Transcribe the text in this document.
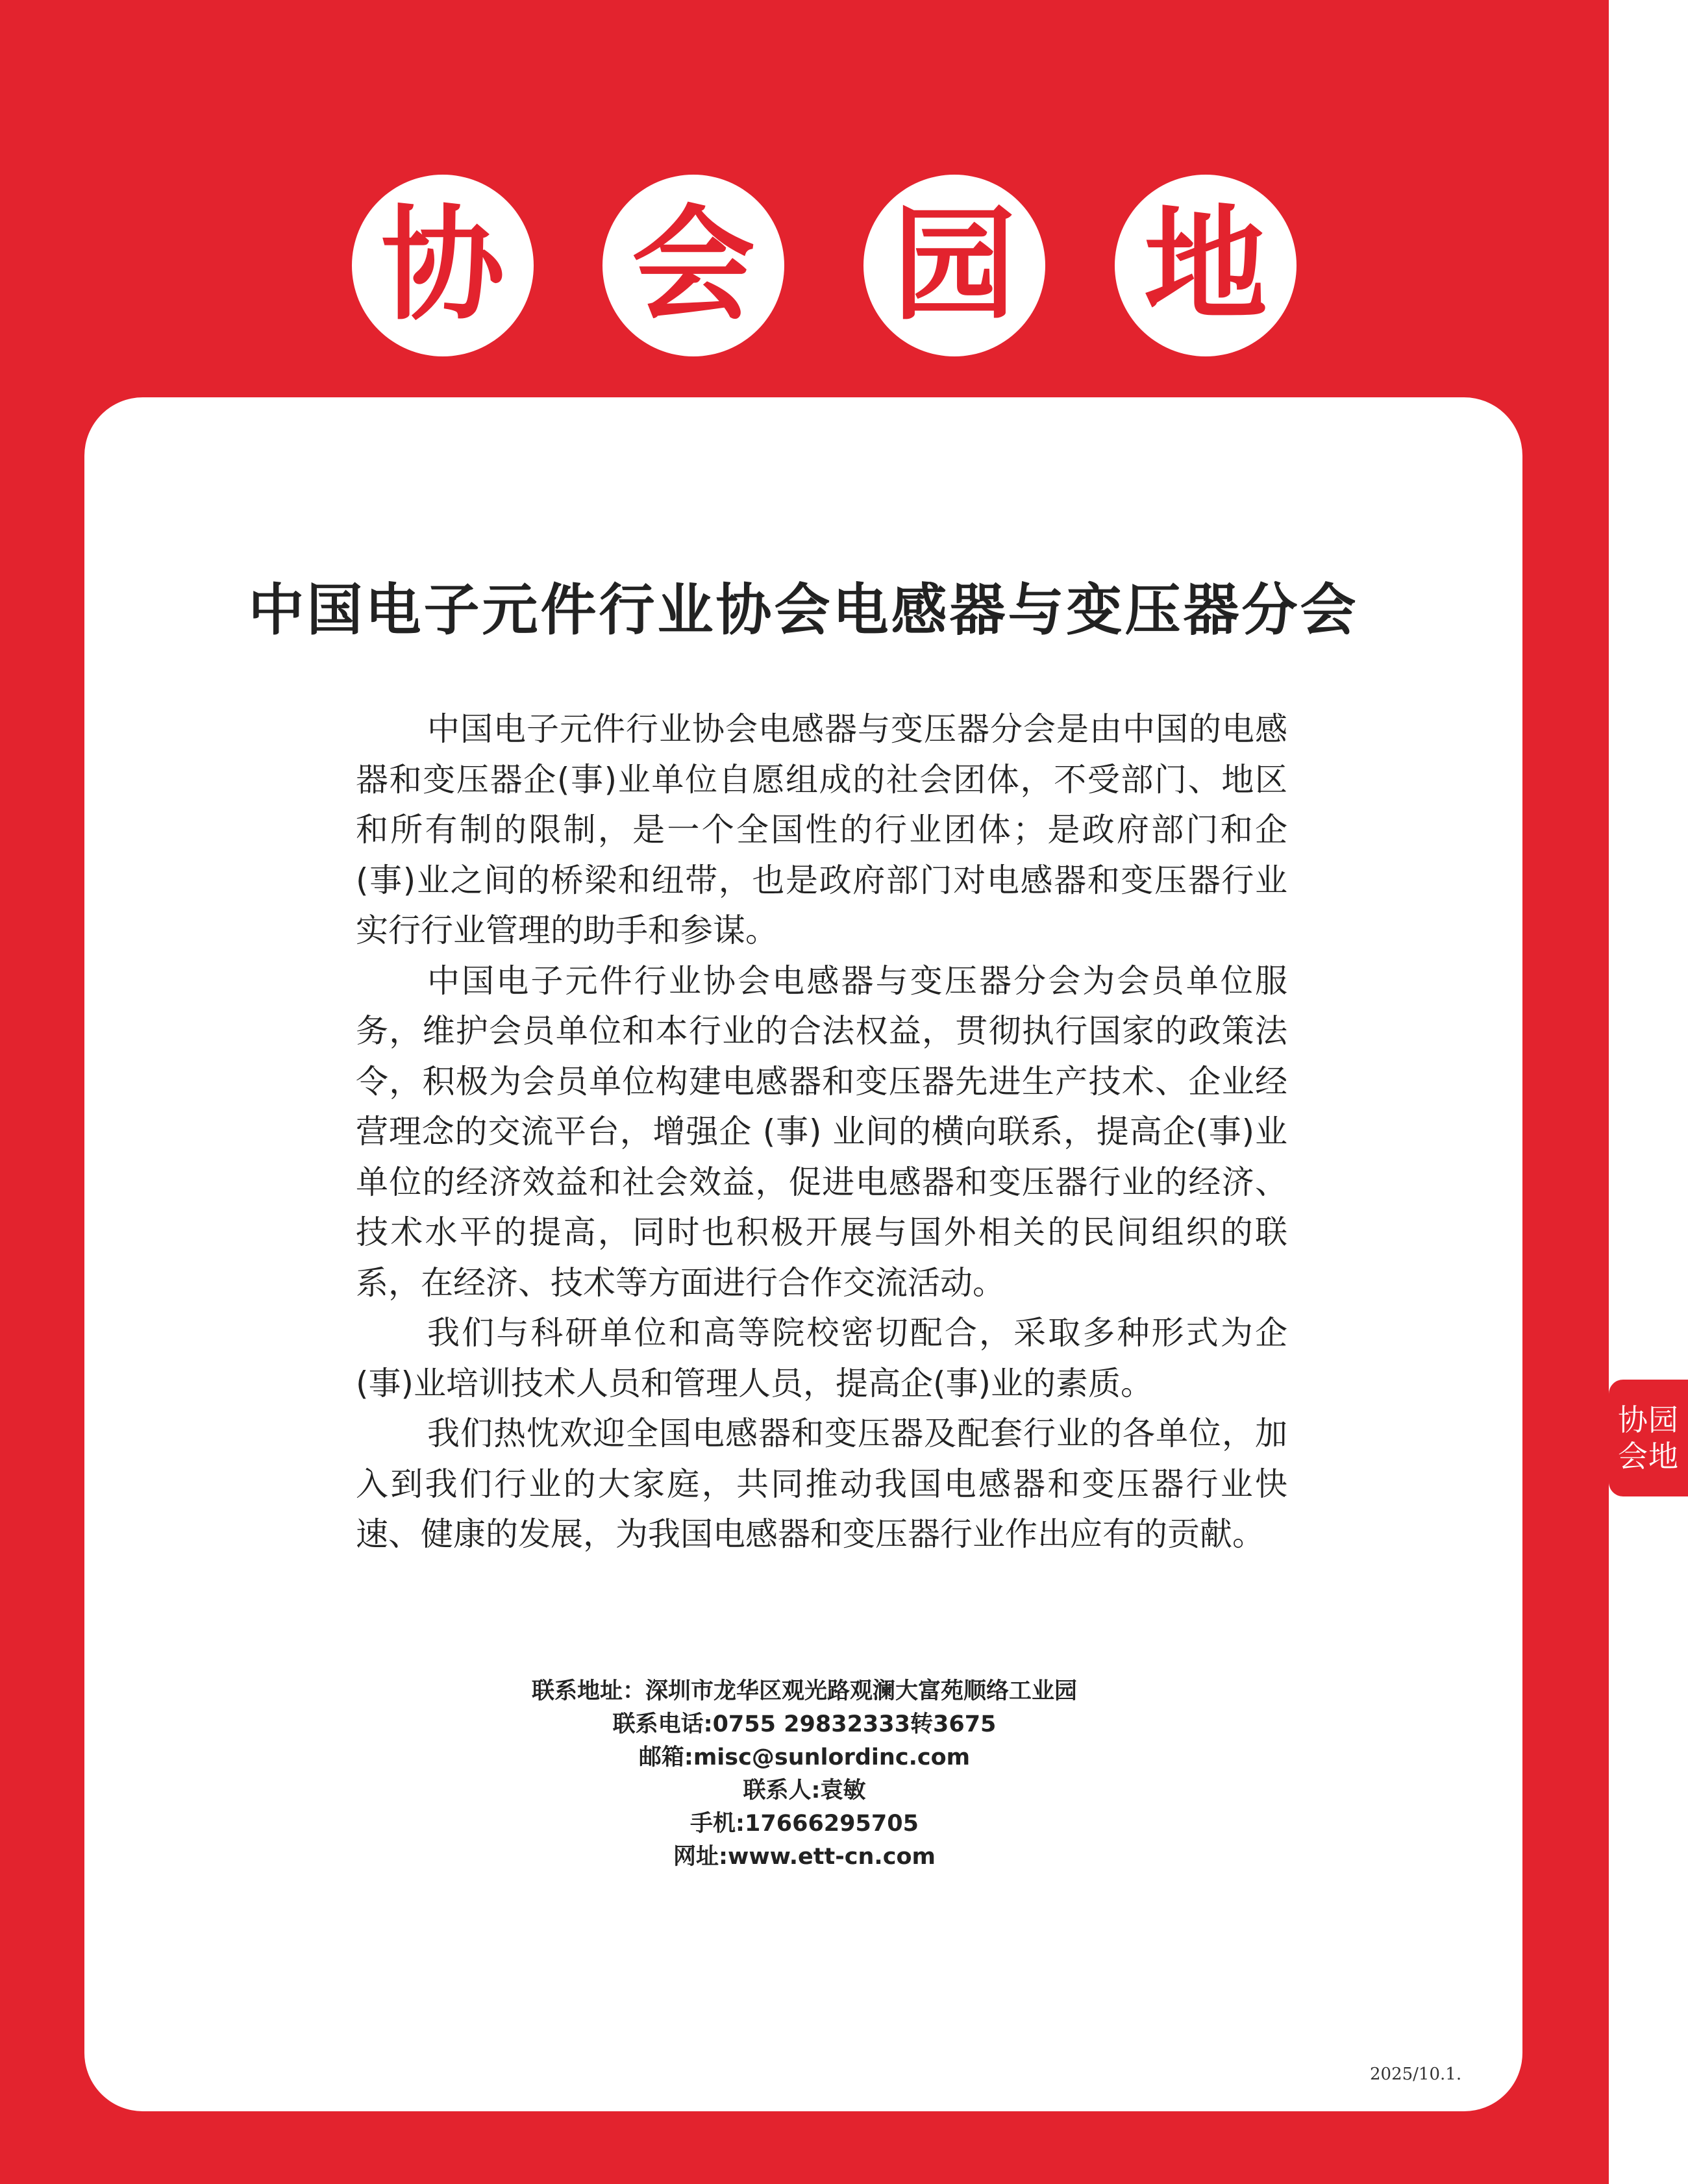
协 会 园 地
中国电子元件行业协会电感器与变压器分会

中国电子元件行业协会电感器与变压器分会是由中国的电感器和变压器企(事)业单位自愿组成的社会团体，不受部门、地区和所有制的限制，是一个全国性的行业团体；是政府部门和企(事)业之间的桥梁和纽带，也是政府部门对电感器和变压器行业实行行业管理的助手和参谋。

中国电子元件行业协会电感器与变压器分会为会员单位服务，维护会员单位和本行业的合法权益，贯彻执行国家的政策法令，积极为会员单位构建电感器和变压器先进生产技术、企业经营理念的交流平台，增强企 (事) 业间的横向联系，提高企(事)业单位的经济效益和社会效益，促进电感器和变压器行业的经济、技术水平的提高，同时也积极开展与国外相关的民间组织的联系，在经济、技术等方面进行合作交流活动。

我们与科研单位和高等院校密切配合，采取多种形式为企(事)业培训技术人员和管理人员，提高企(事)业的素质。

我们热忱欢迎全国电感器和变压器及配套行业的各单位，加入到我们行业的大家庭，共同推动我国电感器和变压器行业快速、健康的发展，为我国电感器和变压器行业作出应有的贡献。

联系地址：深圳市龙华区观光路观澜大富苑顺络工业园
联系电话:0755 29832333转3675
邮箱:misc@sunlordinc.com
联系人:袁敏
手机:17666295705
网址:www.ett-cn.com
协园
会地
2025/10.1.
